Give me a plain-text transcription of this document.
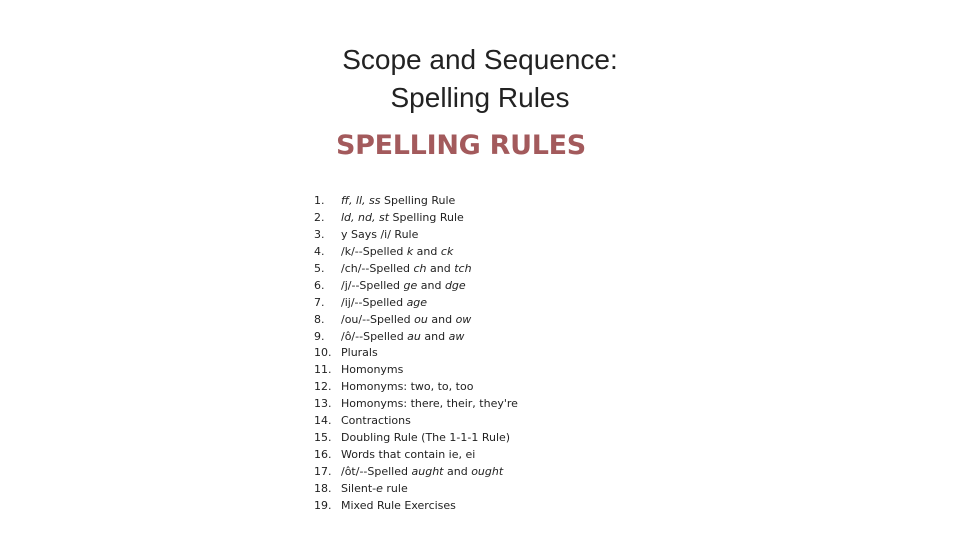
Scope and Sequence:
Spelling Rules
SPELLING RULES
1.	ff, ll, ss Spelling Rule
2.	ld, nd, st Spelling Rule
3.	y Says /i/ Rule
4.	/k/--Spelled k and ck
5.	/ch/--Spelled ch and tch
6.	/j/--Spelled ge and dge
7.	/ij/--Spelled age
8.	/ou/--Spelled ou and ow
9.	/ô/--Spelled au and aw
10. Plurals
11. Homonyms
12. Homonyms: two, to, too
13. Homonyms: there, their, they're
14. Contractions
15. Doubling Rule (The 1-1-1 Rule)
16. Words that contain ie, ei
17. /ôt/--Spelled aught and ought
18. Silent-e rule
19. Mixed Rule Exercises
